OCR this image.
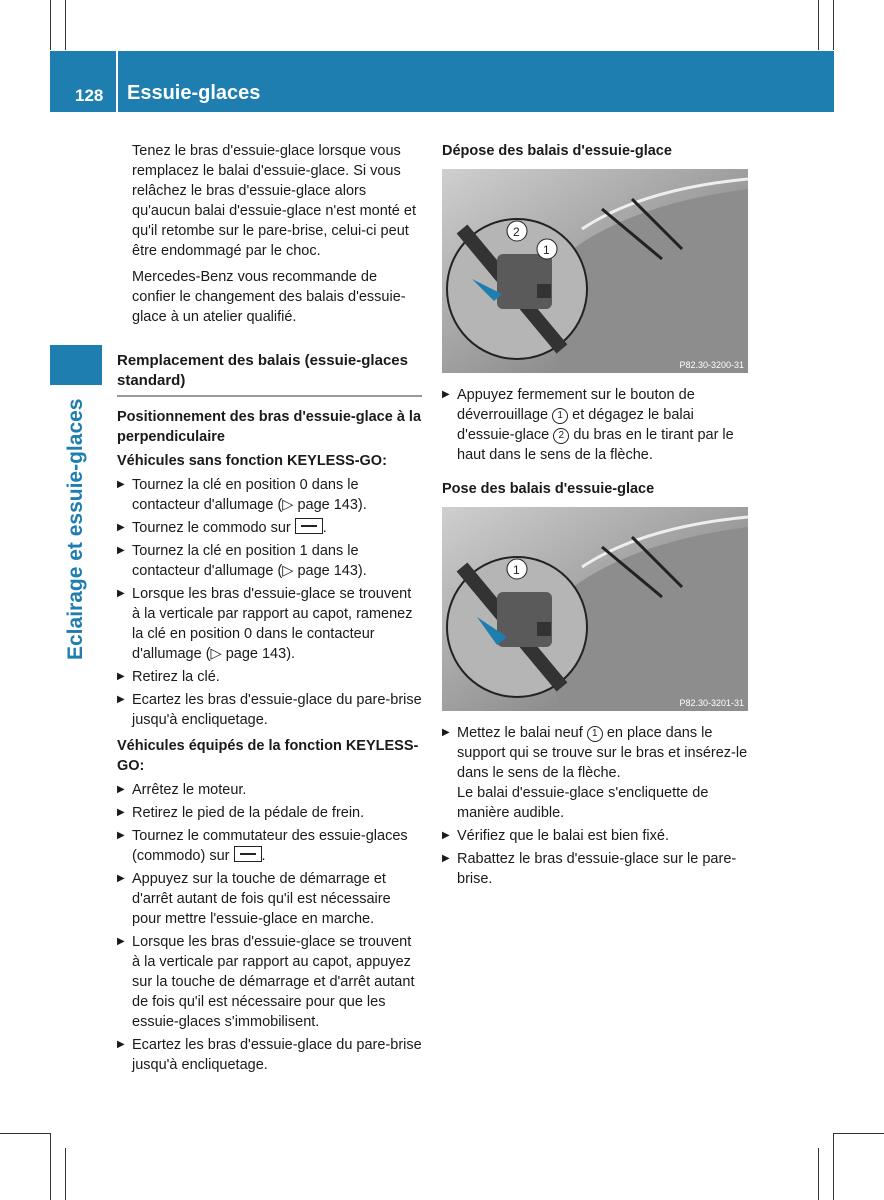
128 Essuie-glaces
Eclairage et essuie-glaces

Tenez le bras d'essuie-glace lorsque vous remplacez le balai d'essuie-glace. Si vous relâchez le bras d'essuie-glace alors qu'aucun balai d'essuie-glace n'est monté et qu'il retombe sur le pare-brise, celui-ci peut être endommagé par le choc.

Mercedes-Benz vous recommande de confier le changement des balais d'essuie-glace à un atelier qualifié.

Remplacement des balais (essuie-glaces standard)
Positionnement des bras d'essuie-glace à la perpendiculaire
Véhicules sans fonction KEYLESS-GO:
▶ Tournez la clé en position 0 dans le contacteur d'allumage (▷ page 143).
▶ Tournez le commodo sur .
▶ Tournez la clé en position 1 dans le contacteur d'allumage (▷ page 143).
▶ Lorsque les bras d'essuie-glace se trouvent à la verticale par rapport au capot, ramenez la clé en position 0 dans le contacteur d'allumage (▷ page 143).
▶ Retirez la clé.
▶ Ecartez les bras d'essuie-glace du pare-brise jusqu'à encliquetage.
Véhicules équipés de la fonction KEYLESS-GO:
▶ Arrêtez le moteur.
▶ Retirez le pied de la pédale de frein.
▶ Tournez le commutateur des essuie-glaces (commodo) sur .
▶ Appuyez sur la touche de démarrage et d'arrêt autant de fois qu'il est nécessaire pour mettre l'essuie-glace en marche.
▶ Lorsque les bras d'essuie-glace se trouvent à la verticale par rapport au capot, appuyez sur la touche de démarrage et d'arrêt autant de fois qu'il est nécessaire pour que les essuie-glaces s'immobilisent.
▶ Ecartez les bras d'essuie-glace du pare-brise jusqu'à encliquetage.
Dépose des balais d'essuie-glace
1
2
P82.30-3200-31
▶ Appuyez fermement sur le bouton de déverrouillage 1 et dégagez le balai d'essuie-glace 2 du bras en le tirant par le haut dans le sens de la flèche.
Pose des balais d'essuie-glace
1
P82.30-3201-31
▶ Mettez le balai neuf 1 en place dans le support qui se trouve sur le bras et insérez-le dans le sens de la flèche.
Le balai d'essuie-glace s'encliquette de manière audible.
▶ Vérifiez que le balai est bien fixé.
▶ Rabattez le bras d'essuie-glace sur le pare-brise.
